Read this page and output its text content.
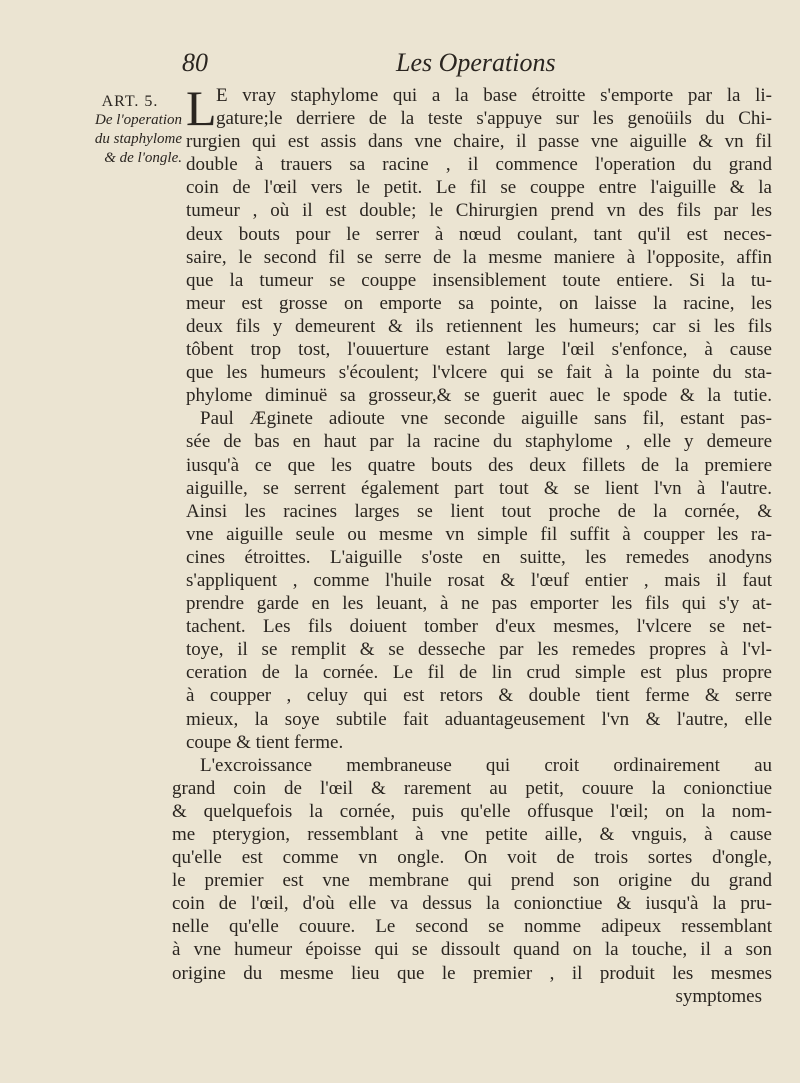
80	Les Operations
ART. 5.
De l'operation
du staphylome
& de l'ongle.
L E vray staphylome qui a la base étroitte s'emporte par la li-
gature;le derriere de la teste s'appuye sur les genoüils du Chi-
rurgien qui est assis dans vne chaire, il passe vne aiguille & vn fil
double à trauers sa racine , il commence l'operation du grand
coin de l'œil vers le petit. Le fil se couppe entre l'aiguille & la
tumeur , où il est double; le Chirurgien prend vn des fils par les
deux bouts pour le serrer à nœud coulant, tant qu'il est neces-
saire, le second fil se serre de la mesme maniere à l'opposite, affin
que la tumeur se couppe insensiblement toute entiere. Si la tu-
meur est grosse on emporte sa pointe, on laisse la racine, les
deux fils y demeurent & ils retiennent les humeurs; car si les fils
tôbent trop tost, l'ouuerture estant large l'œil s'enfonce, à cause
que les humeurs s'écoulent; l'vlcere qui se fait à la pointe du sta-
phylome diminuë sa grosseur,& se guerit auec le spode & la tutie.
Paul Æginete adioute vne seconde aiguille sans fil, estant pas-
sée de bas en haut par la racine du staphylome , elle y demeure
iusqu'à ce que les quatre bouts des deux fillets de la premiere
aiguille, se serrent également part tout & se lient l'vn à l'autre.
Ainsi les racines larges se lient tout proche de la cornée, &
vne aiguille seule ou mesme vn simple fil suffit à coupper les ra-
cines étroittes. L'aiguille s'oste en suitte, les remedes anodyns
s'appliquent , comme l'huile rosat & l'œuf entier , mais il faut
prendre garde en les leuant, à ne pas emporter les fils qui s'y at-
tachent. Les fils doiuent tomber d'eux mesmes, l'vlcere se net-
toye, il se remplit & se desseche par les remedes propres à l'vl-
ceration de la cornée. Le fil de lin crud simple est plus propre
à coupper , celuy qui est retors & double tient ferme & serre
mieux, la soye subtile fait aduantageusement l'vn & l'autre, elle
coupe & tient ferme.
L'excroissance membraneuse qui croit ordinairement au
grand coin de l'œil & rarement au petit, couure la conionctiue
& quelquefois la cornée, puis qu'elle offusque l'œil; on la nom-
me pterygion, ressemblant à vne petite aille, & vnguis, à cause
qu'elle est comme vn ongle. On voit de trois sortes d'ongle,
le premier est vne membrane qui prend son origine du grand
coin de l'œil, d'où elle va dessus la conionctiue & iusqu'à la pru-
nelle qu'elle couure. Le second se nomme adipeux ressemblant
à vne humeur époisse qui se dissoult quand on la touche, il a son
origine du mesme lieu que le premier , il produit les mesmes
symptomes
